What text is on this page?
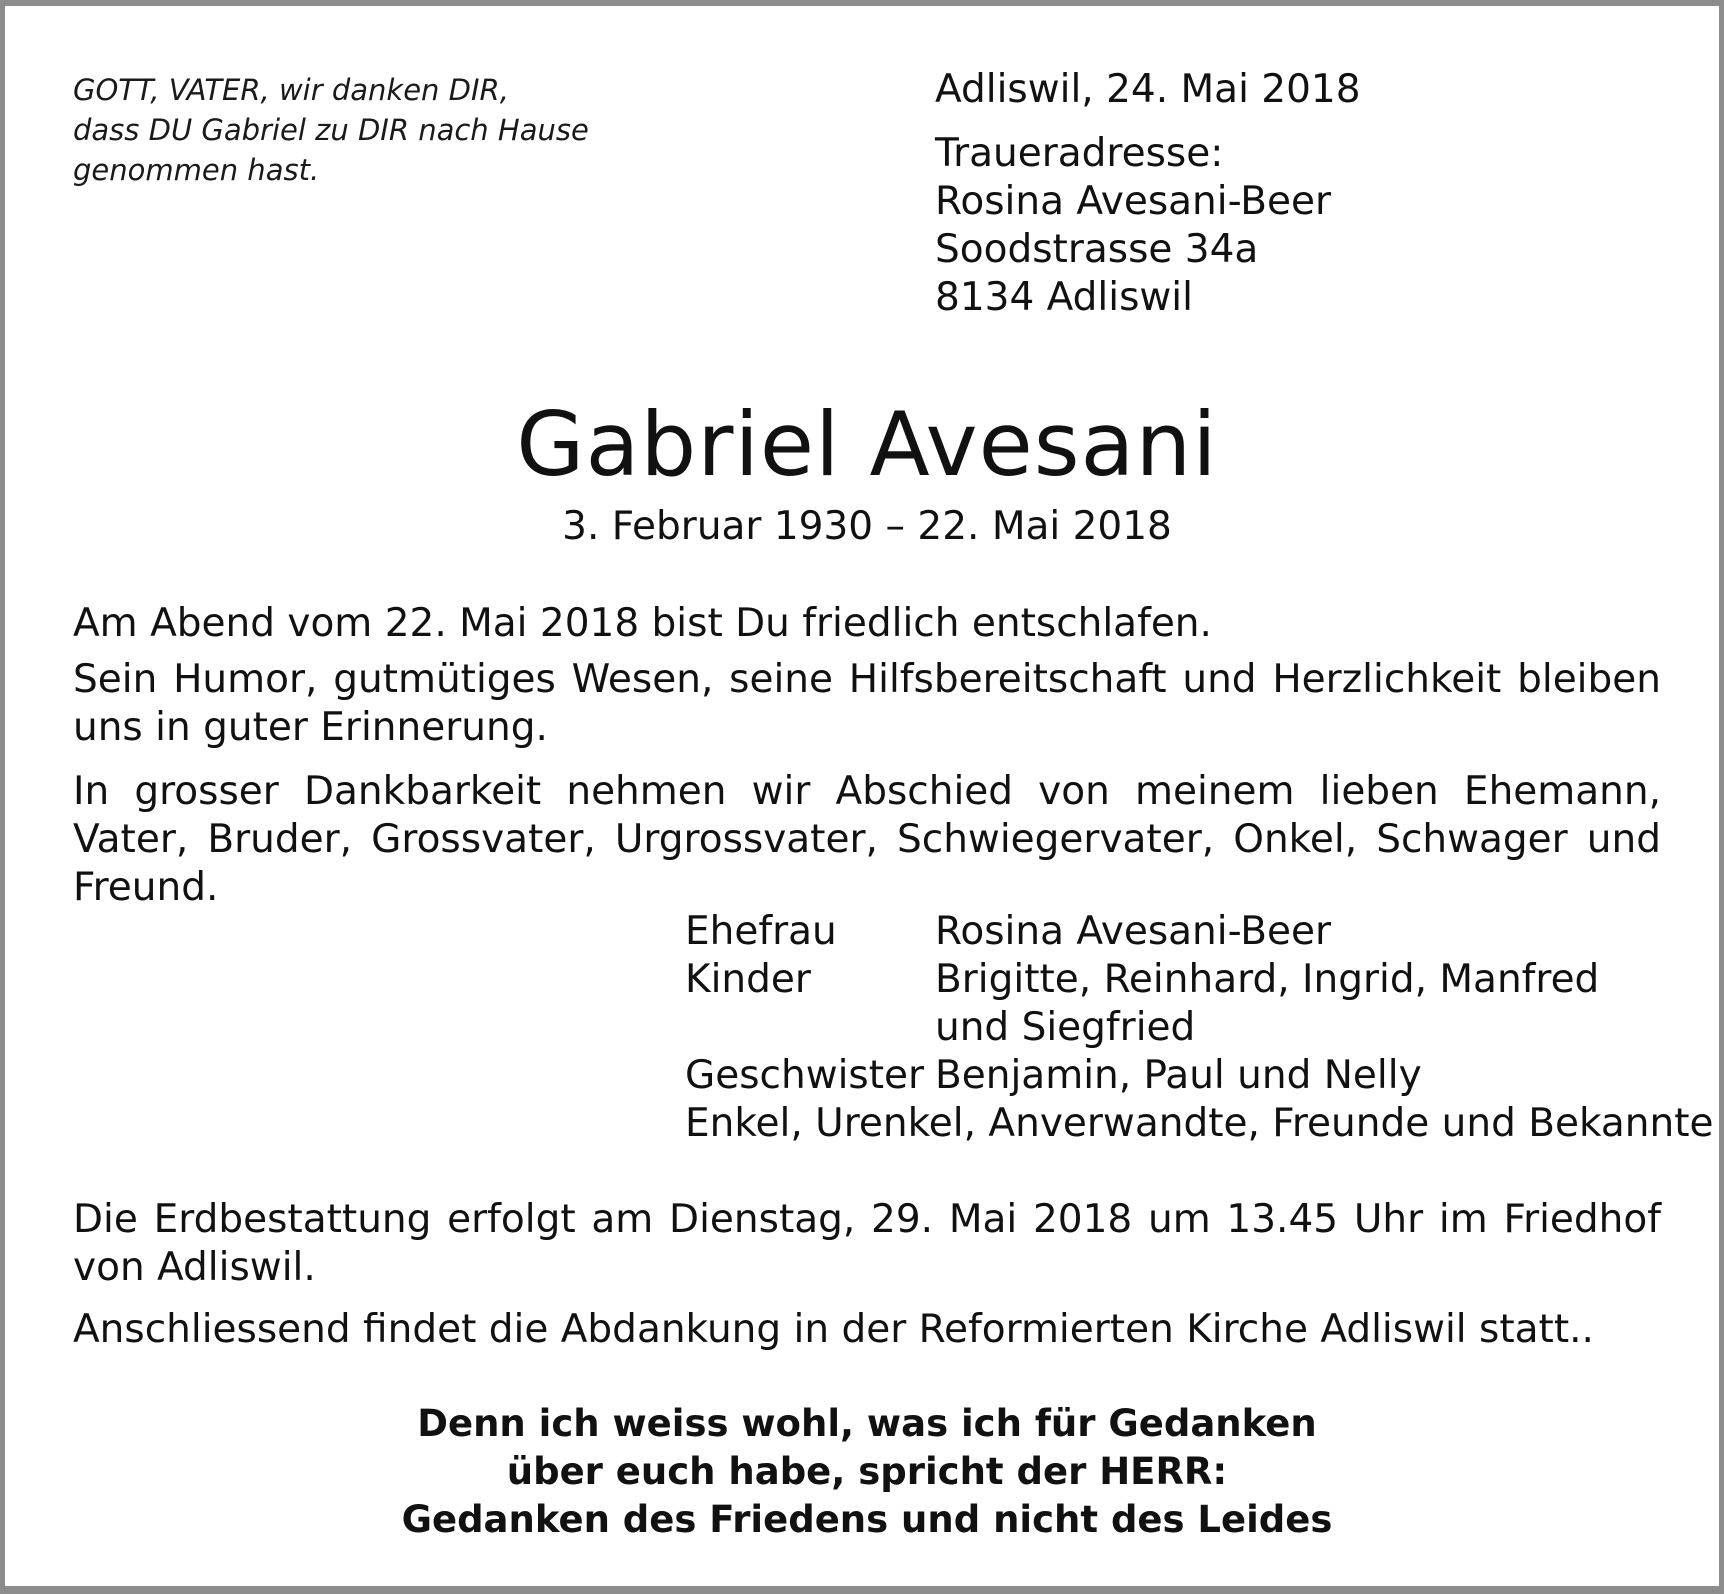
GOTT, VATER, wir danken DIR,
dass DU Gabriel zu DIR nach Hause
genommen hast.
Adliswil, 24. Mai 2018
Traueradresse:
Rosina Avesani-Beer
Soodstrasse 34a
8134 Adliswil
Gabriel Avesani
3. Februar 1930 – 22. Mai 2018
Am Abend vom 22. Mai 2018 bist Du friedlich entschlafen.
Sein Humor, gutmütiges Wesen, seine Hilfsbereitschaft und Herzlichkeit bleiben uns in guter Erinnerung.
In grosser Dankbarkeit nehmen wir Abschied von meinem lieben Ehemann, Vater, Bruder, Grossvater, Urgrossvater, Schwiegervater, Onkel, Schwager und Freund.
Ehefrau	Rosina Avesani-Beer
Kinder	Brigitte, Reinhard, Ingrid, Manfred und Siegfried
Geschwister	Benjamin, Paul und Nelly
Enkel, Urenkel, Anverwandte, Freunde und Bekannte
Die Erdbestattung erfolgt am Dienstag, 29. Mai 2018 um 13.45 Uhr im Friedhof von Adliswil.
Anschliessend findet die Abdankung in der Reformierten Kirche Adliswil statt..
Denn ich weiss wohl, was ich für Gedanken
über euch habe, spricht der HERR:
Gedanken des Friedens und nicht des Leides
